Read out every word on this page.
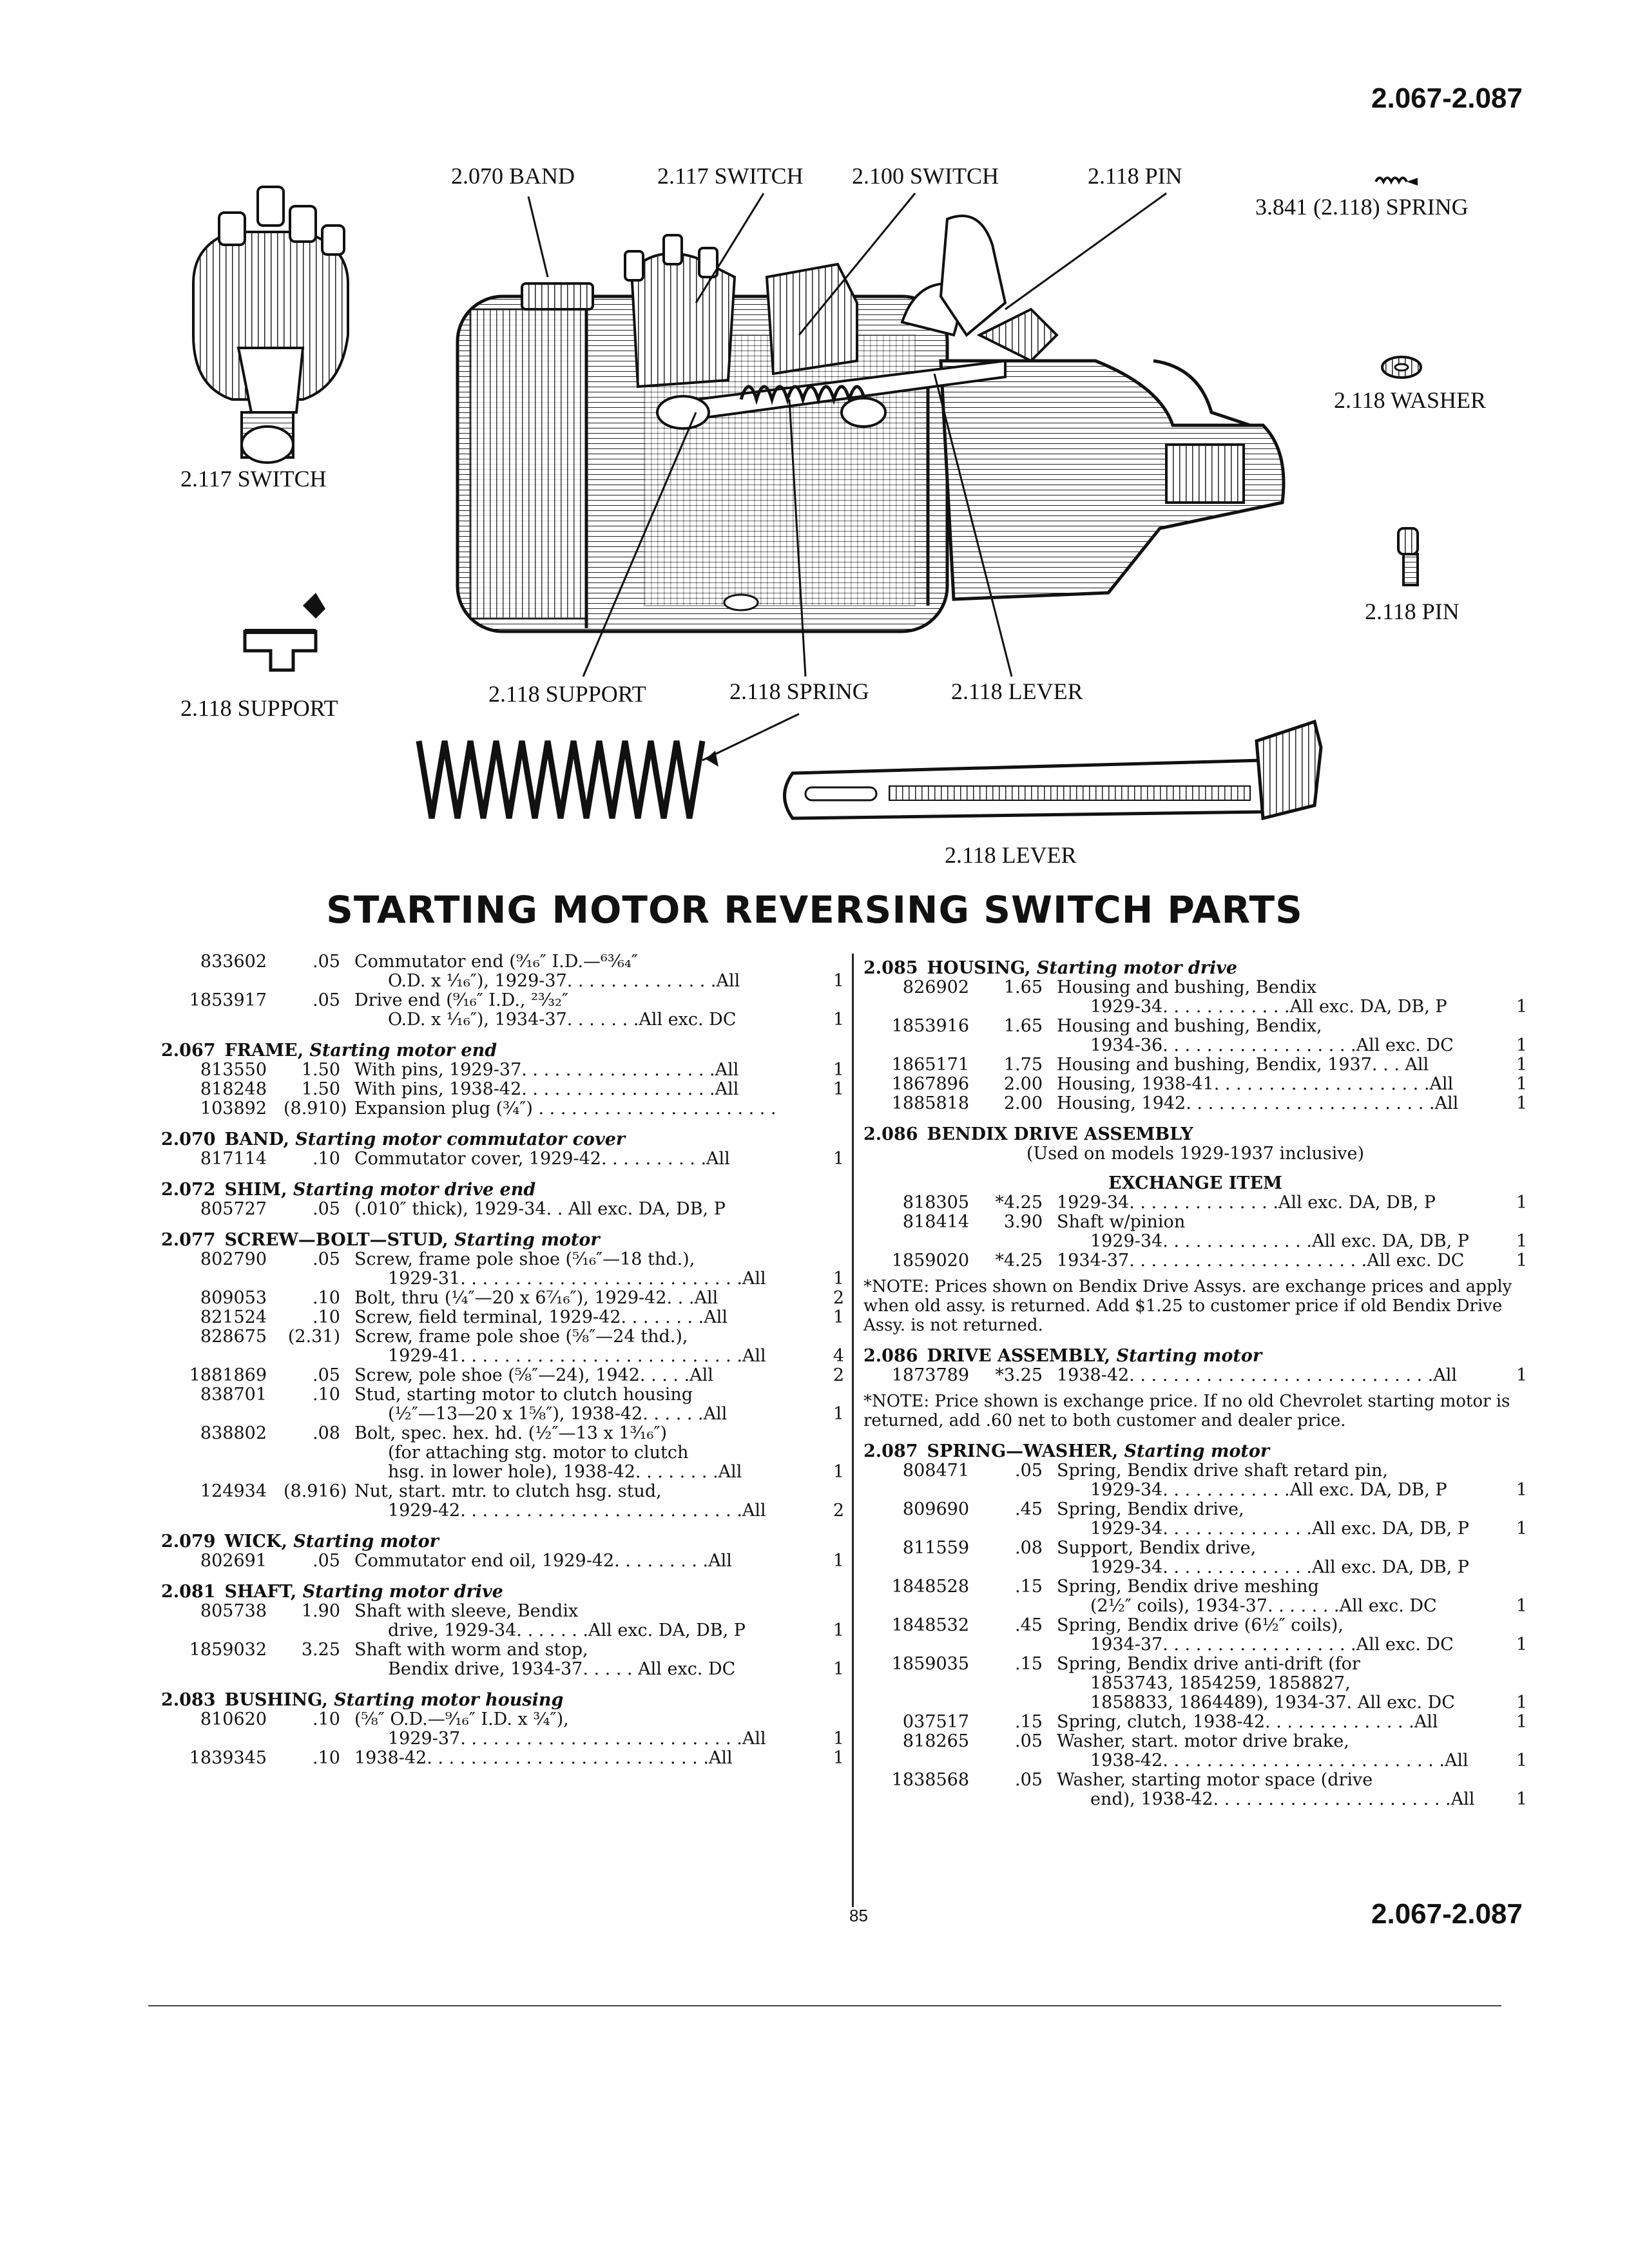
2.067-2.087
2.070 BAND	2.117 SWITCH 2.100 SWITCH	2.118 PIN
3.841 (2.118) SPRING
2.118 WASHER
2.117 SWITCH
2.118 PIN
2.118 SUPPORT
2.118 SUPPORT	2.118 SPRING	2.118 LEVER
2.118 LEVER
STARTING MOTOR REVERSING SWITCH PARTS
833602	.05 Commutator end (⁹⁄₁₆″ I.D.—⁶³⁄₆₄″
O.D. x ¹⁄₁₆″), 1929-37. . . . . . . . . . . . . .All	1
1853917	.05 Drive end (⁹⁄₁₆″ I.D., ²³⁄₃₂″
O.D. x ¹⁄₁₆″), 1934-37. . . . . . .All exc. DC	1
2.067 FRAME, Starting motor end
813550	1.50 With pins, 1929-37. . . . . . . . . . . . . . . . . .All	1
818248	1.50 With pins, 1938-42. . . . . . . . . . . . . . . . . .All	1
103892 (8.910) Expansion plug (¾″) . . . . . . . . . . . . . . . . . . . . . .
2.070 BAND, Starting motor commutator cover
817114	.10 Commutator cover, 1929-42. . . . . . . . . .All	1
2.072 SHIM, Starting motor drive end
805727	.05 (.010″ thick), 1929-34. . All exc. DA, DB, P
2.077 SCREW—BOLT—STUD, Starting motor
802790	.05 Screw, frame pole shoe (⁵⁄₁₆″—18 thd.),
1929-31. . . . . . . . . . . . . . . . . . . . . . . . . .All	1
809053	.10 Bolt, thru (¼″—20 x 6⁷⁄₁₆″), 1929-42. . .All	2
821524	.10 Screw, field terminal, 1929-42. . . . . . . .All	1
828675	(2.31) Screw, frame pole shoe (⁵⁄₈″—24 thd.),
1929-41. . . . . . . . . . . . . . . . . . . . . . . . . .All	4
1881869	.05 Screw, pole shoe (⁵⁄₈″—24), 1942. . . . .All	2
838701	.10 Stud, starting motor to clutch housing
(½″—13—20 x 1⁵⁄₈″), 1938-42. . . . . .All	1
838802	.08 Bolt, spec. hex. hd. (½″—13 x 1³⁄₁₆″)
(for attaching stg. motor to clutch
hsg. in lower hole), 1938-42. . . . . . . .All	1
124934 (8.916) Nut, start. mtr. to clutch hsg. stud,
1929-42. . . . . . . . . . . . . . . . . . . . . . . . . .All	2
2.079 WICK, Starting motor
802691	.05 Commutator end oil, 1929-42. . . . . . . . .All	1
2.081 SHAFT, Starting motor drive
805738	1.90 Shaft with sleeve, Bendix
drive, 1929-34. . . . . . .All exc. DA, DB, P	1
1859032	3.25 Shaft with worm and stop,
Bendix drive, 1934-37. . . . . All exc. DC	1
2.083 BUSHING, Starting motor housing
810620	.10 (⁵⁄₈″ O.D.—⁹⁄₁₆″ I.D. x ¾″),
1929-37. . . . . . . . . . . . . . . . . . . . . . . . . .All	1
1839345	.10 1938-42. . . . . . . . . . . . . . . . . . . . . . . . . .All	1
2.085 HOUSING, Starting motor drive
826902	1.65 Housing and bushing, Bendix
1929-34. . . . . . . . . . . .All exc. DA, DB, P	1
1853916	1.65 Housing and bushing, Bendix,
1934-36. . . . . . . . . . . . . . . . . .All exc. DC	1
1865171	1.75 Housing and bushing, Bendix, 1937. . . All	1
1867896	2.00 Housing, 1938-41. . . . . . . . . . . . . . . . . . . .All	1
1885818	2.00 Housing, 1942. . . . . . . . . . . . . . . . . . . . . . .All	1
2.086 BENDIX DRIVE ASSEMBLY
(Used on models 1929-1937 inclusive)
EXCHANGE ITEM
818305	*4.25 1929-34. . . . . . . . . . . . . .All exc. DA, DB, P	1
818414	3.90 Shaft w/pinion
1929-34. . . . . . . . . . . . . .All exc. DA, DB, P	1
1859020	*4.25 1934-37. . . . . . . . . . . . . . . . . . . . . .All exc. DC	1
*NOTE: Prices shown on Bendix Drive Assys. are exchange prices and apply when old assy. is returned. Add $1.25 to customer price if old Bendix Drive Assy. is not returned.
2.086 DRIVE ASSEMBLY, Starting motor
1873789	*3.25 1938-42. . . . . . . . . . . . . . . . . . . . . . . . . . . .All	1
*NOTE: Price shown is exchange price. If no old Chevrolet starting motor is returned, add .60 net to both customer and dealer price.
2.087 SPRING—WASHER, Starting motor
808471	.05 Spring, Bendix drive shaft retard pin,
1929-34. . . . . . . . . . . .All exc. DA, DB, P	1
809690	.45 Spring, Bendix drive,
1929-34. . . . . . . . . . . . . .All exc. DA, DB, P	1
811559	.08 Support, Bendix drive,
1929-34. . . . . . . . . . . . . .All exc. DA, DB, P
1848528	.15 Spring, Bendix drive meshing
(2½″ coils), 1934-37. . . . . . .All exc. DC	1
1848532	.45 Spring, Bendix drive (6½″ coils),
1934-37. . . . . . . . . . . . . . . . . .All exc. DC	1
1859035	.15 Spring, Bendix drive anti-drift (for
1853743, 1854259, 1858827,
1858833, 1864489), 1934-37. All exc. DC	1
037517	.15 Spring, clutch, 1938-42. . . . . . . . . . . . . .All	1
818265	.05 Washer, start. motor drive brake,
1938-42. . . . . . . . . . . . . . . . . . . . . . . . . .All	1
1838568	.05 Washer, starting motor space (drive
end), 1938-42. . . . . . . . . . . . . . . . . . . . . .All	1
85	2.067-2.087
